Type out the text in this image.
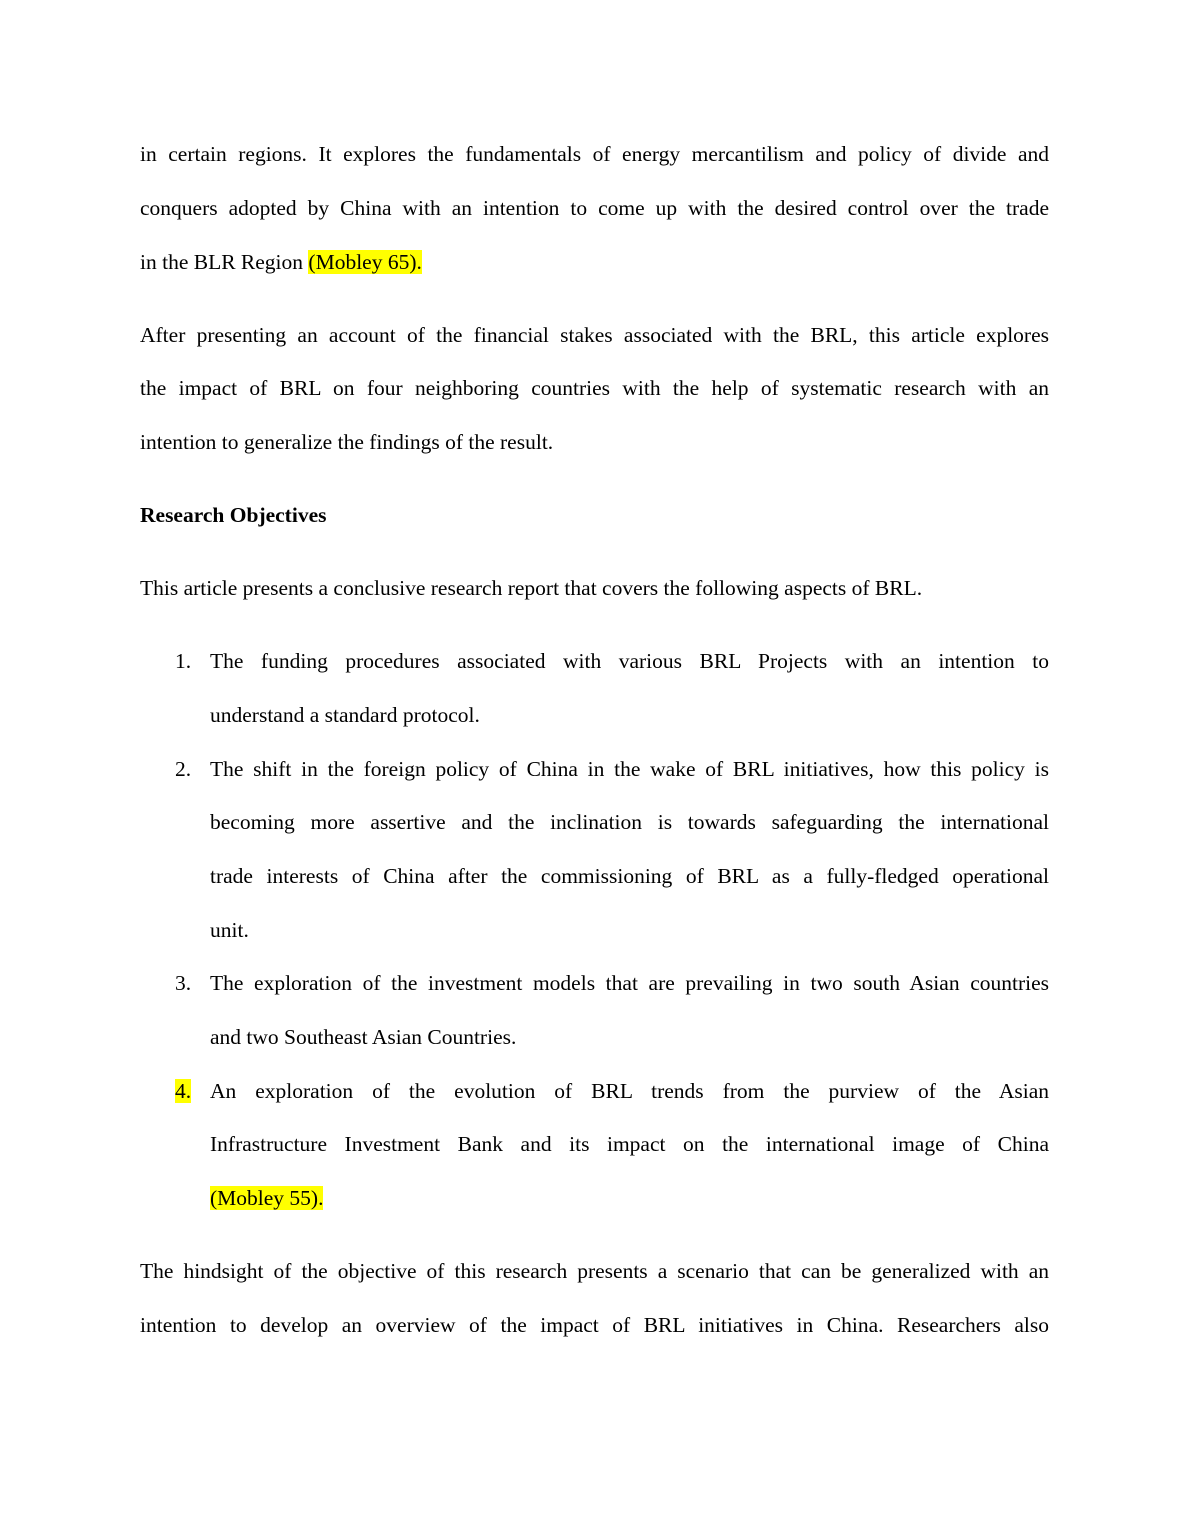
in certain regions. It explores the fundamentals of energy mercantilism and policy of divide and
conquers adopted by China with an intention to come up with the desired control over the trade
in the BLR Region (Mobley 65).
After presenting an account of the financial stakes associated with the BRL, this article explores
the impact of BRL on four neighboring countries with the help of systematic research with an
intention to generalize the findings of the result.
Research Objectives
This article presents a conclusive research report that covers the following aspects of BRL.
1. The funding procedures associated with various BRL Projects with an intention to
understand a standard protocol.
2. The shift in the foreign policy of China in the wake of BRL initiatives, how this policy is
becoming more assertive and the inclination is towards safeguarding the international
trade interests of China after the commissioning of BRL as a fully-fledged operational
unit.
3. The exploration of the investment models that are prevailing in two south Asian countries
and two Southeast Asian Countries.
4. An exploration of the evolution of BRL trends from the purview of the Asian
Infrastructure Investment Bank and its impact on the international image of China
(Mobley 55).
The hindsight of the objective of this research presents a scenario that can be generalized with an
intention to develop an overview of the impact of BRL initiatives in China. Researchers also
